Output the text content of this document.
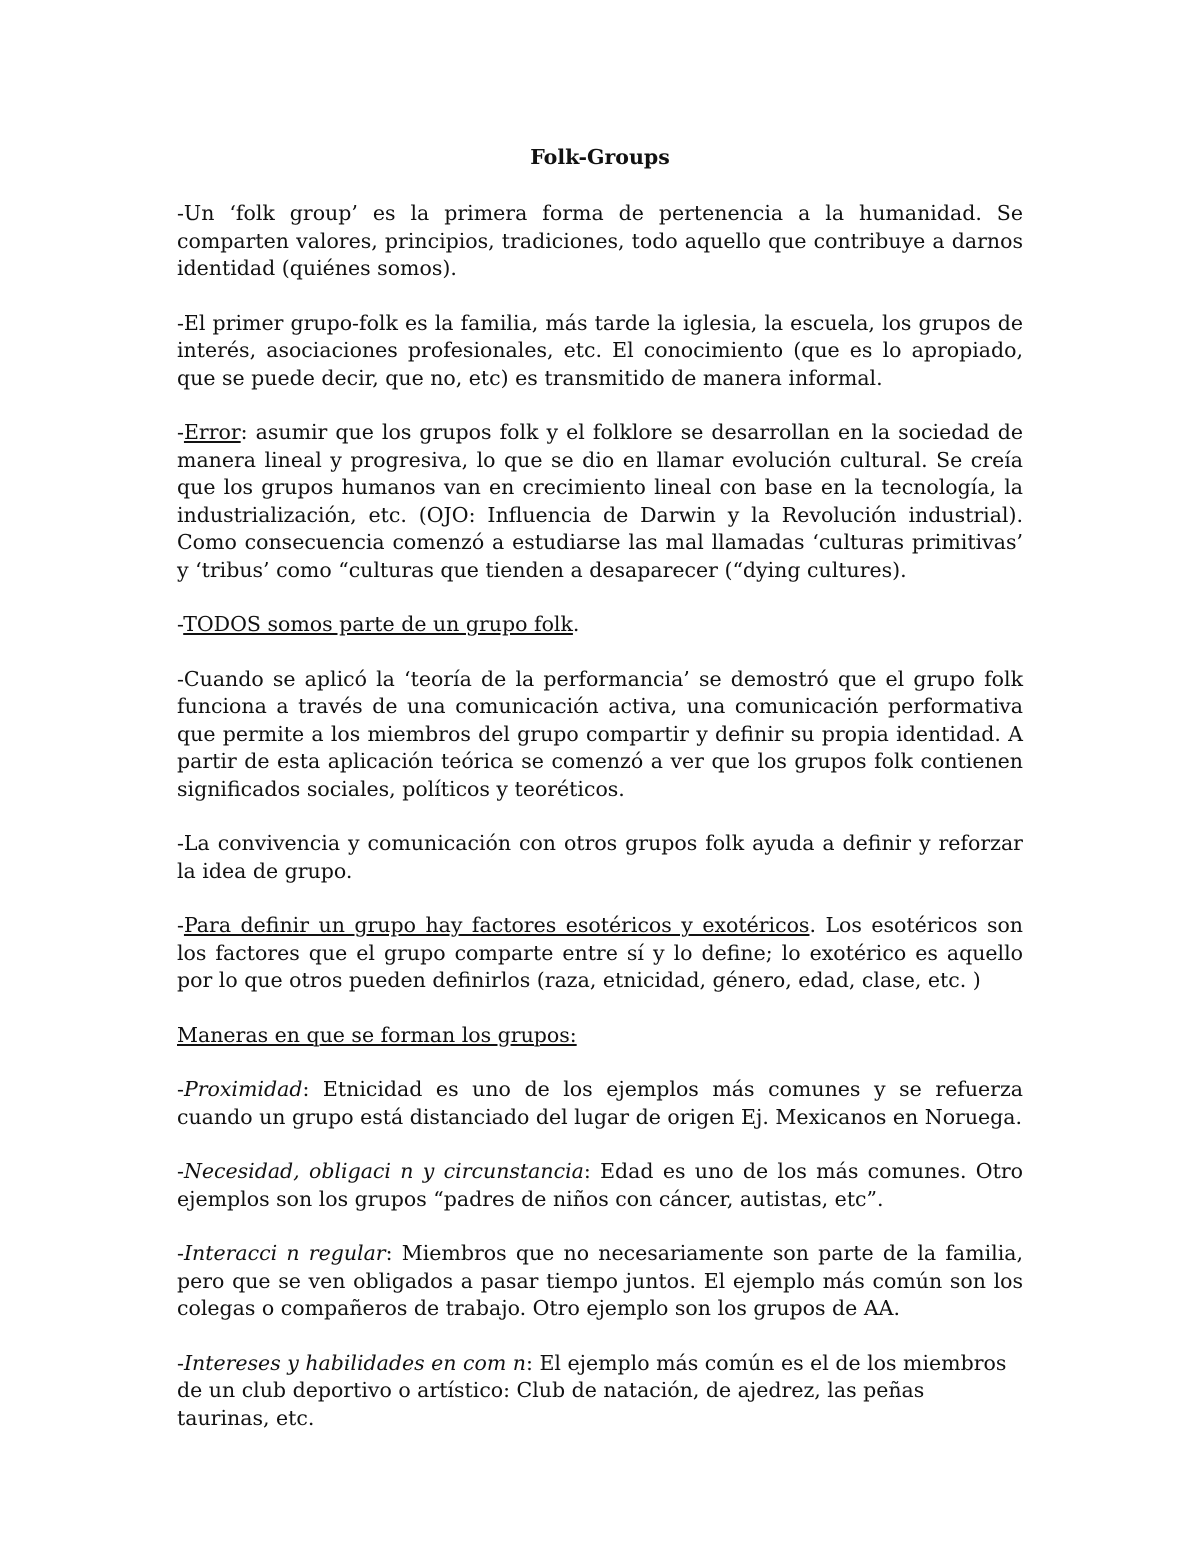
Folk-Groups

-Un ‘folk group’ es la primera forma de pertenencia a la humanidad. Se comparten valores, principios, tradiciones, todo aquello que contribuye a darnos identidad (quiénes somos).

-El primer grupo-folk es la familia, más tarde la iglesia, la escuela, los grupos de interés, asociaciones profesionales, etc. El conocimiento (que es lo apropiado, que se puede decir, que no, etc) es transmitido de manera informal.

-Error: asumir que los grupos folk y el folklore se desarrollan en la sociedad de manera lineal y progresiva, lo que se dio en llamar evolución cultural. Se creía que los grupos humanos van en crecimiento lineal con base en la tecnología, la industrialización, etc. (OJO: Influencia de Darwin y la Revolución industrial). Como consecuencia comenzó a estudiarse las mal llamadas ‘culturas primitivas’ y ‘tribus’ como “culturas que tienden a desaparecer (“dying cultures).

-TODOS somos parte de un grupo folk.

-Cuando se aplicó la ‘teoría de la performancia’ se demostró que el grupo folk funciona a través de una comunicación activa, una comunicación performativa que permite a los miembros del grupo compartir y definir su propia identidad. A partir de esta aplicación teórica se comenzó a ver que los grupos folk contienen significados sociales, políticos y teoréticos.

-La convivencia y comunicación con otros grupos folk ayuda a definir y reforzar la idea de grupo.

-Para definir un grupo hay factores esotéricos y exotéricos. Los esotéricos son los factores que el grupo comparte entre sí y lo define; lo exotérico es aquello por lo que otros pueden definirlos (raza, etnicidad, género, edad, clase, etc. )

Maneras en que se forman los grupos:

-Proximidad: Etnicidad es uno de los ejemplos más comunes y se refuerza cuando un grupo está distanciado del lugar de origen Ej. Mexicanos en Noruega.

-Necesidad, obligaci n y circunstancia: Edad es uno de los más comunes. Otro ejemplos son los grupos “padres de niños con cáncer, autistas, etc”.

-Interacci n regular: Miembros que no necesariamente son parte de la familia, pero que se ven obligados a pasar tiempo juntos. El ejemplo más común son los colegas o compañeros de trabajo. Otro ejemplo son los grupos de AA.

-Intereses y habilidades en com n: El ejemplo más común es el de los miembros de un club deportivo o artístico: Club de natación, de ajedrez, las peñas taurinas, etc.
